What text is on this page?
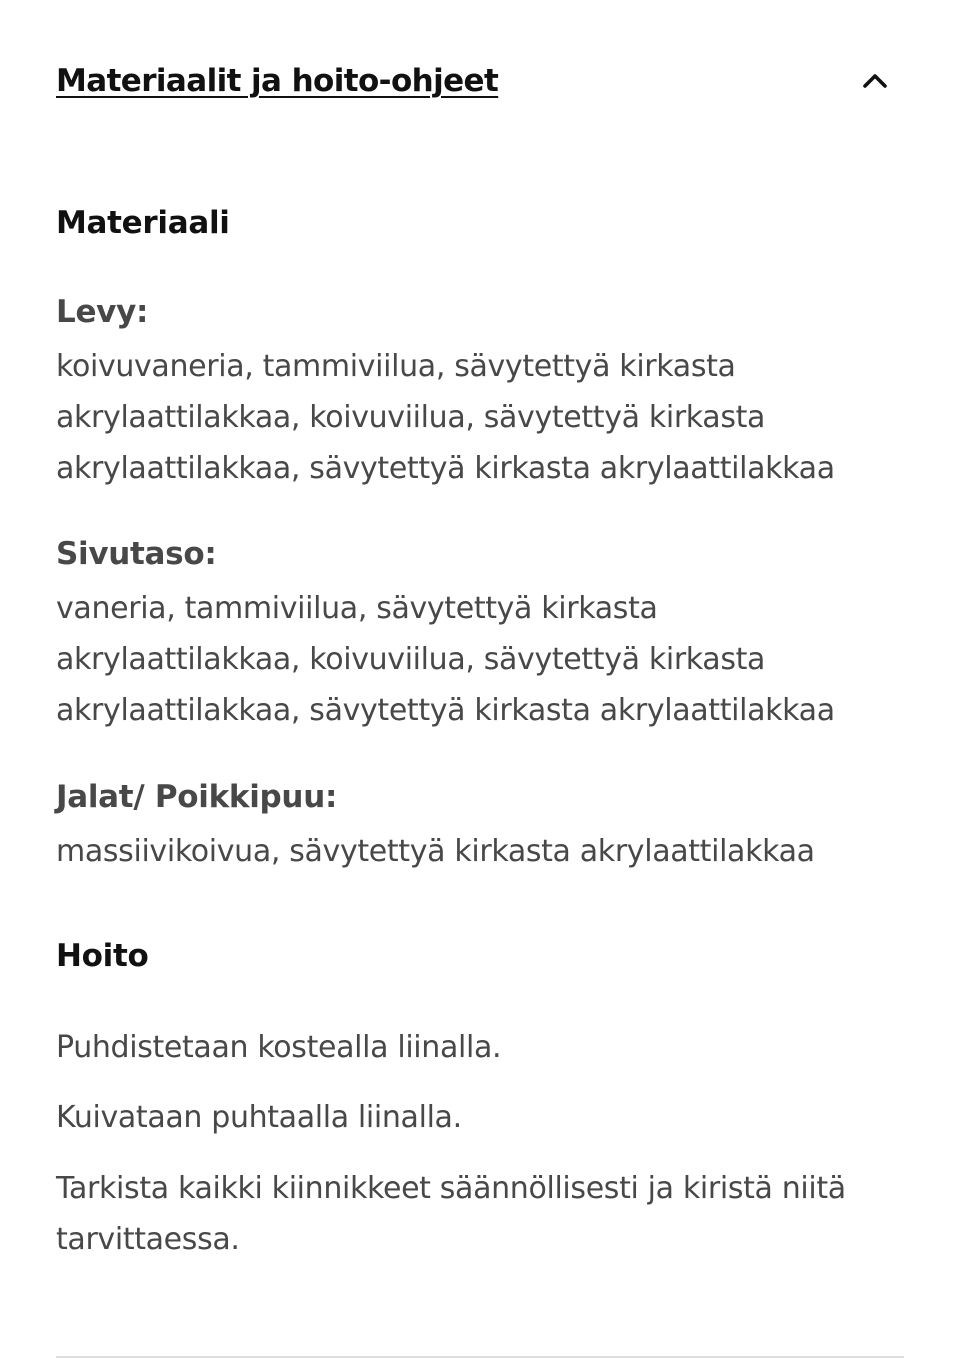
Materiaalit ja hoito-ohjeet
Materiaali
Levy:
koivuvaneria, tammiviilua, sävytettyä kirkasta
akrylaattilakkaa, koivuviilua, sävytettyä kirkasta
akrylaattilakkaa, sävytettyä kirkasta akrylaattilakkaa
Sivutaso:
vaneria, tammiviilua, sävytettyä kirkasta
akrylaattilakkaa, koivuviilua, sävytettyä kirkasta
akrylaattilakkaa, sävytettyä kirkasta akrylaattilakkaa
Jalat/ Poikkipuu:
massiivikoivua, sävytettyä kirkasta akrylaattilakkaa
Hoito
Puhdistetaan kostealla liinalla.
Kuivataan puhtaalla liinalla.
Tarkista kaikki kiinnikkeet säännöllisesti ja kiristä niitä
tarvittaessa.
